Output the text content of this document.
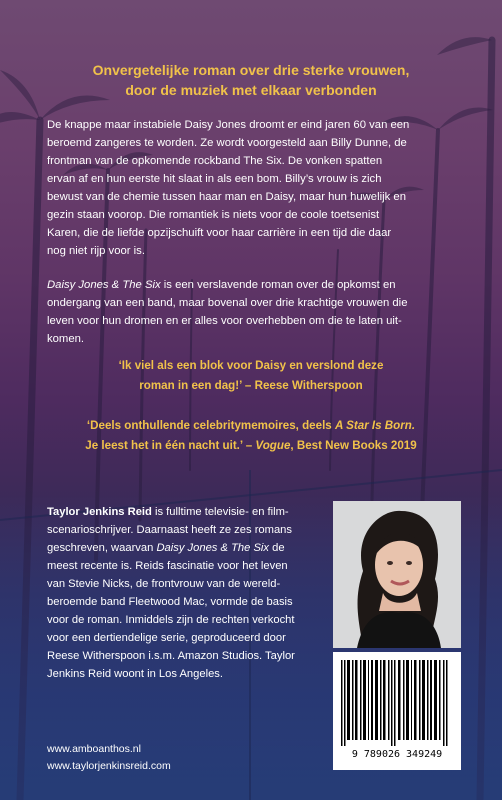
Onvergetelijke roman over drie sterke vrouwen,
door de muziek met elkaar verbonden
De knappe maar instabiele Daisy Jones droomt er eind jaren 60 van een
beroemd zangeres te worden. Ze wordt voorgesteld aan Billy Dunne, de
frontman van de opkomende rockband The Six. De vonken spatten
ervan af en hun eerste hit slaat in als een bom. Billy’s vrouw is zich
bewust van de chemie tussen haar man en Daisy, maar hun huwelijk en
gezin staan voorop. Die romantiek is niets voor de coole toetsenist
Karen, die de liefde opzijschuift voor haar carrière in een tijd die daar
nog niet rijp voor is.
Daisy Jones & The Six is een verslavende roman over de opkomst en
ondergang van een band, maar bovenal over drie krachtige vrouwen die
leven voor hun dromen en er alles voor overhebben om die te laten uit-
komen.
‘Ik viel als een blok voor Daisy en verslond deze
roman in een dag!’ – Reese Witherspoon
‘Deels onthullende celebritymemoires, deels A Star Is Born.
Je leest het in één nacht uit.’ – Vogue, Best New Books 2019
Taylor Jenkins Reid is fulltime televisie- en film-
scenarioschrijver. Daarnaast heeft ze zes romans
geschreven, waarvan Daisy Jones & The Six de
meest recente is. Reids fascinatie voor het leven
van Stevie Nicks, de frontvrouw van de wereld-
beroemde band Fleetwood Mac, vormde de basis
voor de roman. Inmiddels zijn de rechten verkocht
voor een dertiendelige serie, geproduceerd door
Reese Witherspoon i.s.m. Amazon Studios. Taylor
Jenkins Reid woont in Los Angeles.
9 789026 349249
www.amboanthos.nl
www.taylorjenkinsreid.com
